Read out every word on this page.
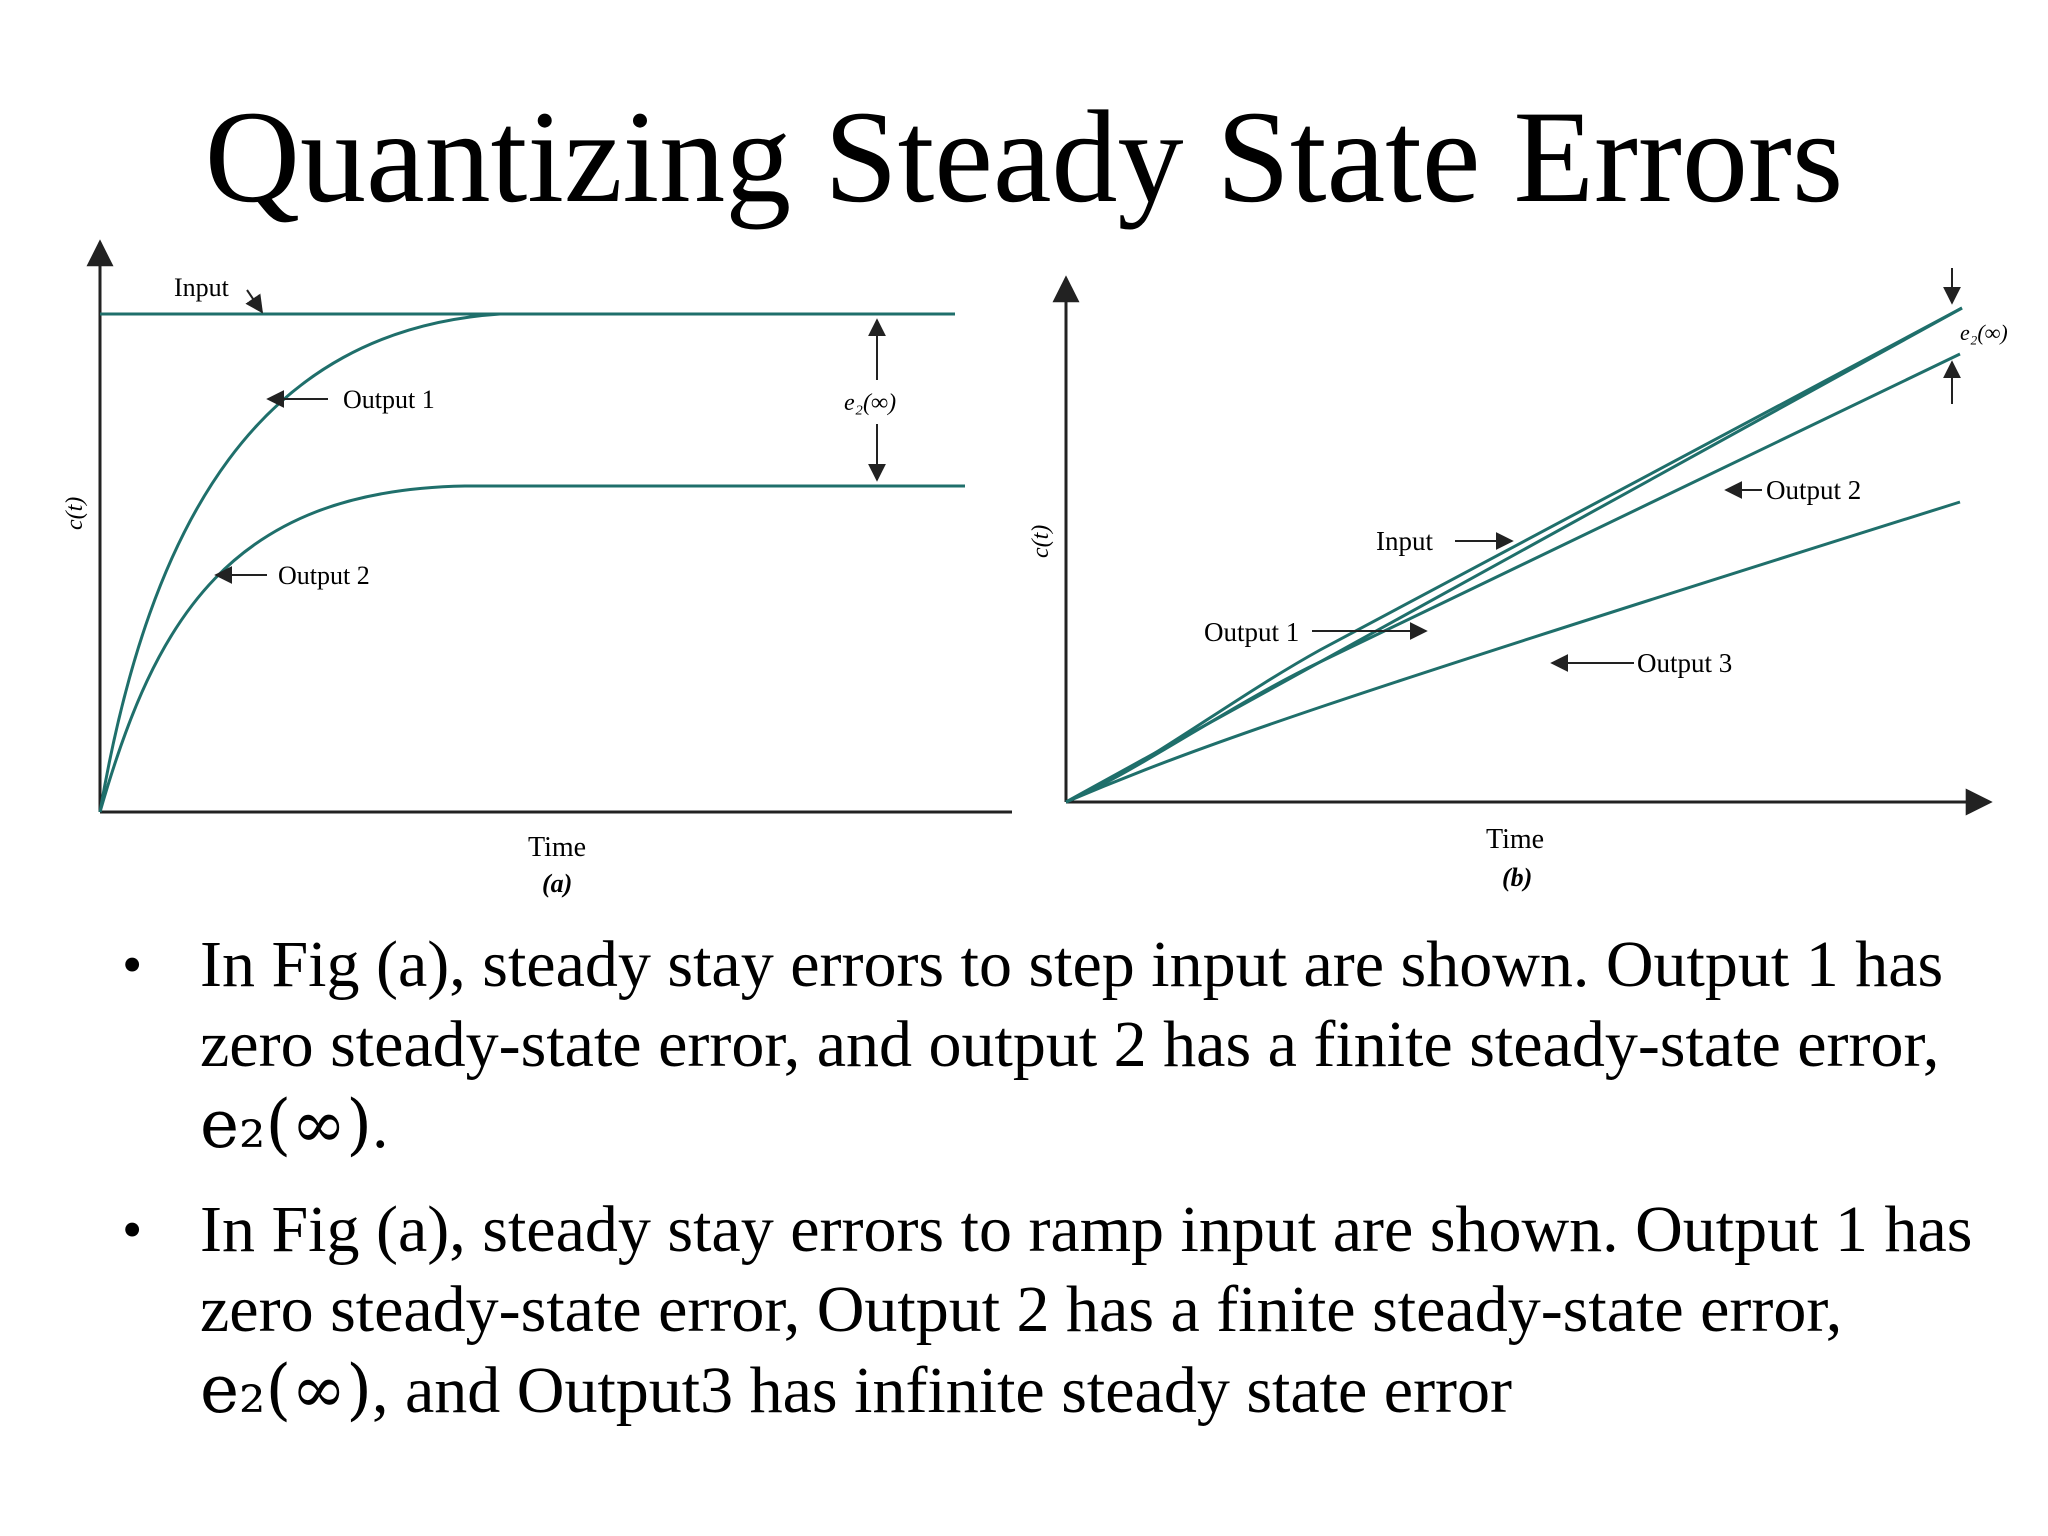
Quantizing Steady State Errors
Input
Output 1
Output 2
e₂(∞)
c(t)
Time
(a)
Input
Output 1
Output 2
Output 3
e₂(∞)
c(t)
Time
(b)
• In Fig (a), steady stay errors to step input are shown. Output 1 has zero steady-state error, and output 2 has a finite steady-state error, e₂(∞).
• In Fig (a), steady stay errors to ramp input are shown. Output 1 has zero steady-state error, Output 2 has a finite steady-state error, e₂(∞), and Output3 has infinite steady state error
